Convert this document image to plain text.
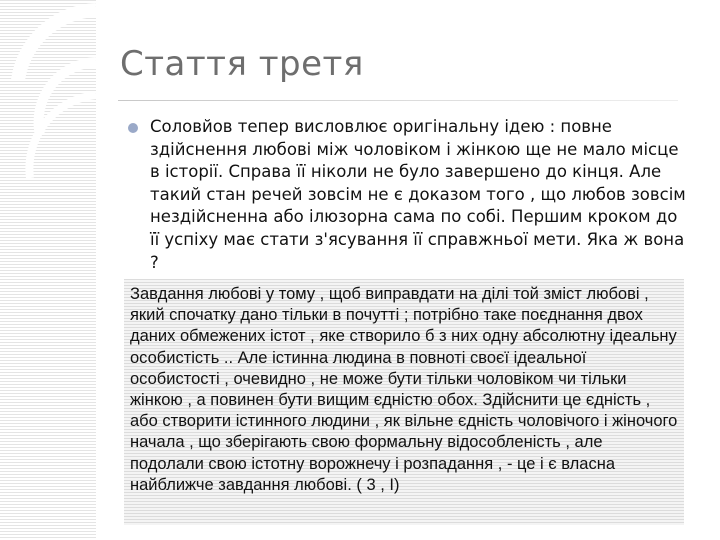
Стаття третя

Соловйов тепер висловлює оригінальну ідею : повне здійснення любові між чоловіком і жінкою ще не мало місце в історії. Справа її ніколи не було завершено до кінця. Але такий стан речей зовсім не є доказом того , що любов зовсім нездійсненна або ілюзорна сама по собі. Першим кроком до її успіху має стати з'ясування її справжньої мети. Яка ж вона ?

Завдання любові у тому , щоб виправдати на ділі той зміст любові , який спочатку дано тільки в почутті ; потрібно таке поєднання двох даних обмежених істот , яке створило б з них одну абсолютну ідеальну особистість .. Але істинна людина в повноті своєї ідеальної особистості , очевидно , не може бути тільки чоловіком чи тільки жінкою , а повинен бути вищим єдністю обох. Здійснити це єдність , або створити істинного людини , як вільне єдність чоловічого і жіночого начала , що зберігають свою формальну відособленість , але подолали свою істотну ворожнечу і розпадання , - це і є власна найближче завдання любові. ( 3 , I)
